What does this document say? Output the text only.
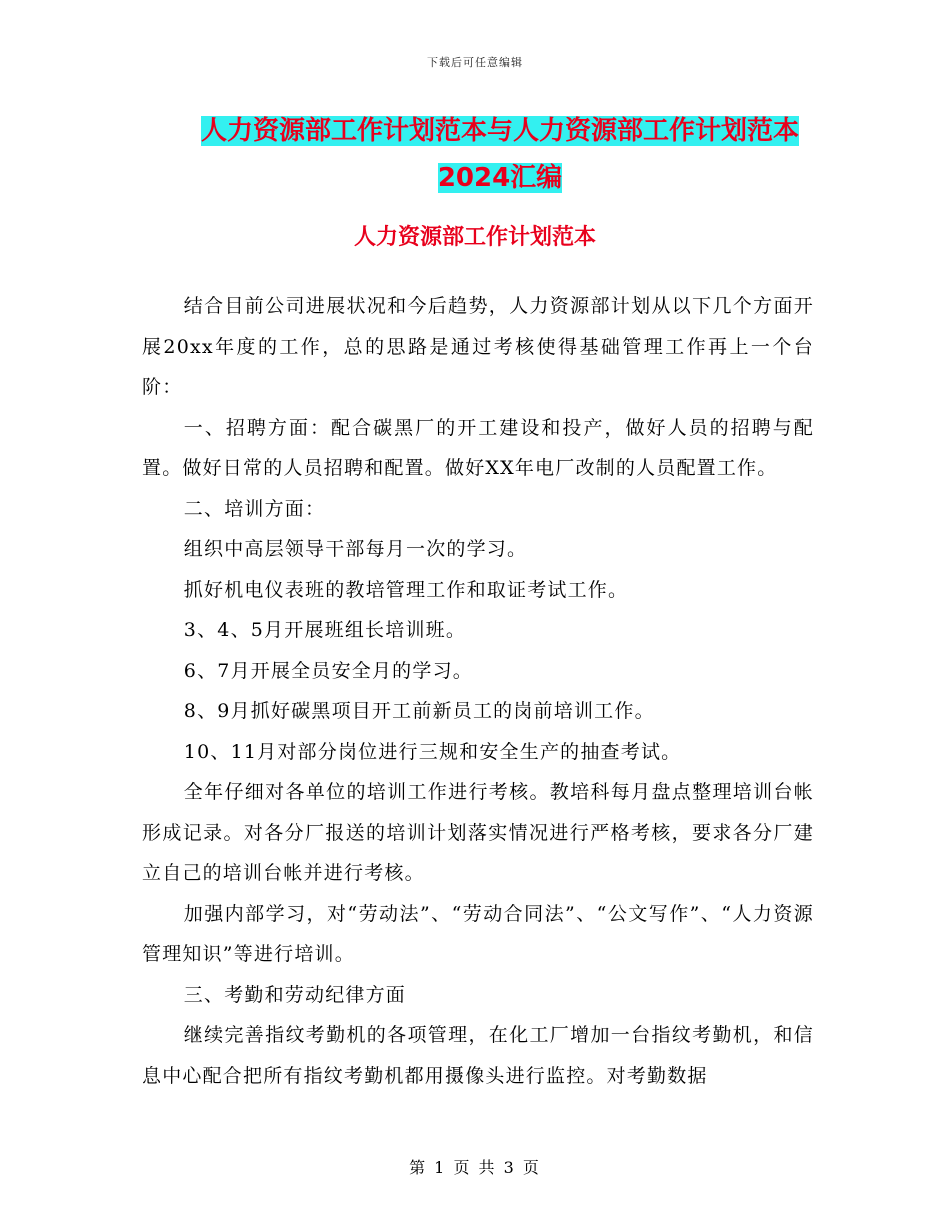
下载后可任意编辑
人力资源部工作计划范本与人力资源部工作计划范本
2024汇编
人力资源部工作计划范本

结合目前公司进展状况和今后趋势，人力资源部计划从以下几个方面开展20xx年度的工作，总的思路是通过考核使得基础管理工作再上一个台阶：

一、招聘方面：配合碳黑厂的开工建设和投产，做好人员的招聘与配置。做好日常的人员招聘和配置。做好XX年电厂改制的人员配置工作。

二、培训方面：

组织中高层领导干部每月一次的学习。

抓好机电仪表班的教培管理工作和取证考试工作。

3、4、5月开展班组长培训班。

6、7月开展全员安全月的学习。

8、9月抓好碳黑项目开工前新员工的岗前培训工作。

10、11月对部分岗位进行三规和安全生产的抽查考试。

全年仔细对各单位的培训工作进行考核。教培科每月盘点整理培训台帐形成记录。对各分厂报送的培训计划落实情况进行严格考核，要求各分厂建立自己的培训台帐并进行考核。

加强内部学习，对“劳动法”、“劳动合同法”、“公文写作”、“人力资源管理知识”等进行培训。

三、考勤和劳动纪律方面

继续完善指纹考勤机的各项管理，在化工厂增加一台指纹考勤机，和信息中心配合把所有指纹考勤机都用摄像头进行监控。对考勤数据

第 1 页 共 3 页
